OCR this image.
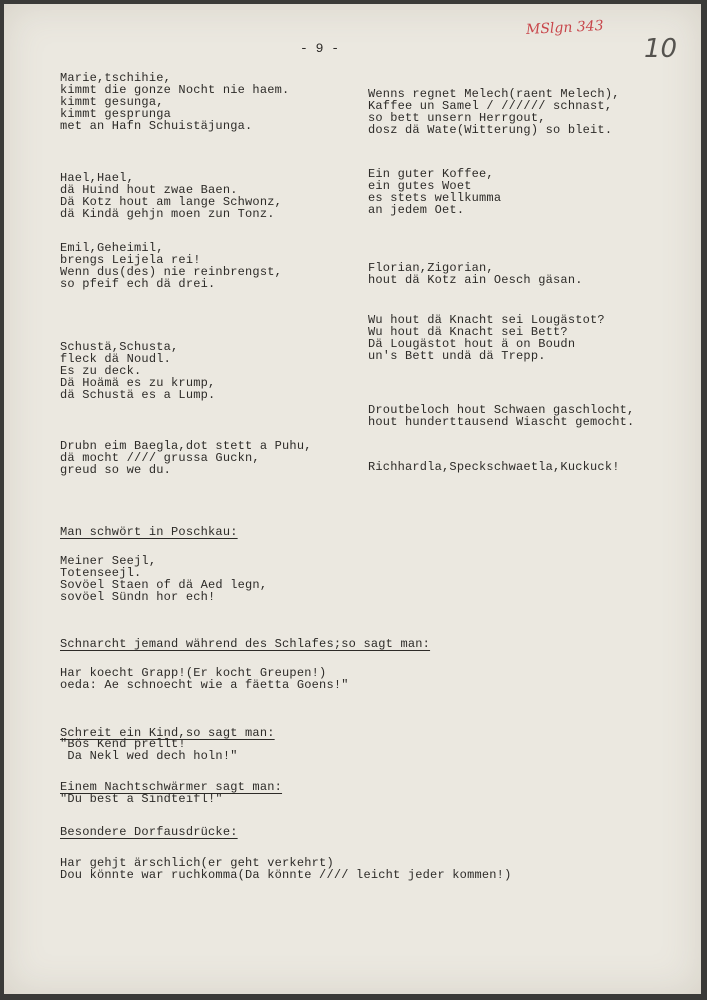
MSlgn 343
10
- 9 -
Marie,tschihie,
kimmt die gonze Nocht nie haem.
kimmt gesunga,
kimmt gesprunga
met an Hafn Schuistäjunga.
Hael,Hael,
dä Huind hout zwae Baen.
Dä Kotz hout am lange Schwonz,
dä Kindä gehjn moen zun Tonz.
Emil,Geheimil,
brengs Leijela rei!
Wenn dus(des) nie reinbrengst,
so pfeif ech dä drei.
Schustä,Schusta,
fleck dä Noudl.
Es zu deck.
Dä Hoämä es zu krump,
dä Schustä es a Lump.
Drubn eim Baegla,dot stett a Puhu,
dä mocht //// grussa Guckn,
greud so we du.
Wenns regnet Melech(raent Melech),
Kaffee un Samel / ////// schnast,
so bett unsern Herrgout,
dosz dä Wate(Witterung) so bleit.
Ein guter Koffee,
ein gutes Woet
es stets wellkumma
an jedem Oet.
Florian,Zigorian,
hout dä Kotz ain Oesch gäsan.
Wu hout dä Knacht sei Lougästot?
Wu hout dä Knacht sei Bett?
Dä Lougästot hout ä on Boudn
un's Bett undä dä Trepp.
Droutbeloch hout Schwaen gaschlocht,
hout hunderttausend Wiascht gemocht.
Richhardla,Speckschwaetla,Kuckuck!
Man schwört in Poschkau:
Meiner Seejl,
Totenseejl.
Sovöel Staen of dä Aed legn,
sovöel Sündn hor ech!
Schnarcht jemand während des Schlafes;so sagt man:
Har koecht Grapp!(Er kocht Greupen!)
oeda: Ae schnoecht wie a fäetta Goens!"
Schreit ein Kind,so sagt man:
"Bös Kend prellt!
Da Nekl wed dech holn!"
Einem Nachtschwärmer sagt man:
"Du best a Sindteifl!"
Besondere Dorfausdrücke:
Har gehjt ärschlich(er geht verkehrt)
Dou könnte war ruchkomma(Da könnte //// leicht jeder kommen!)
